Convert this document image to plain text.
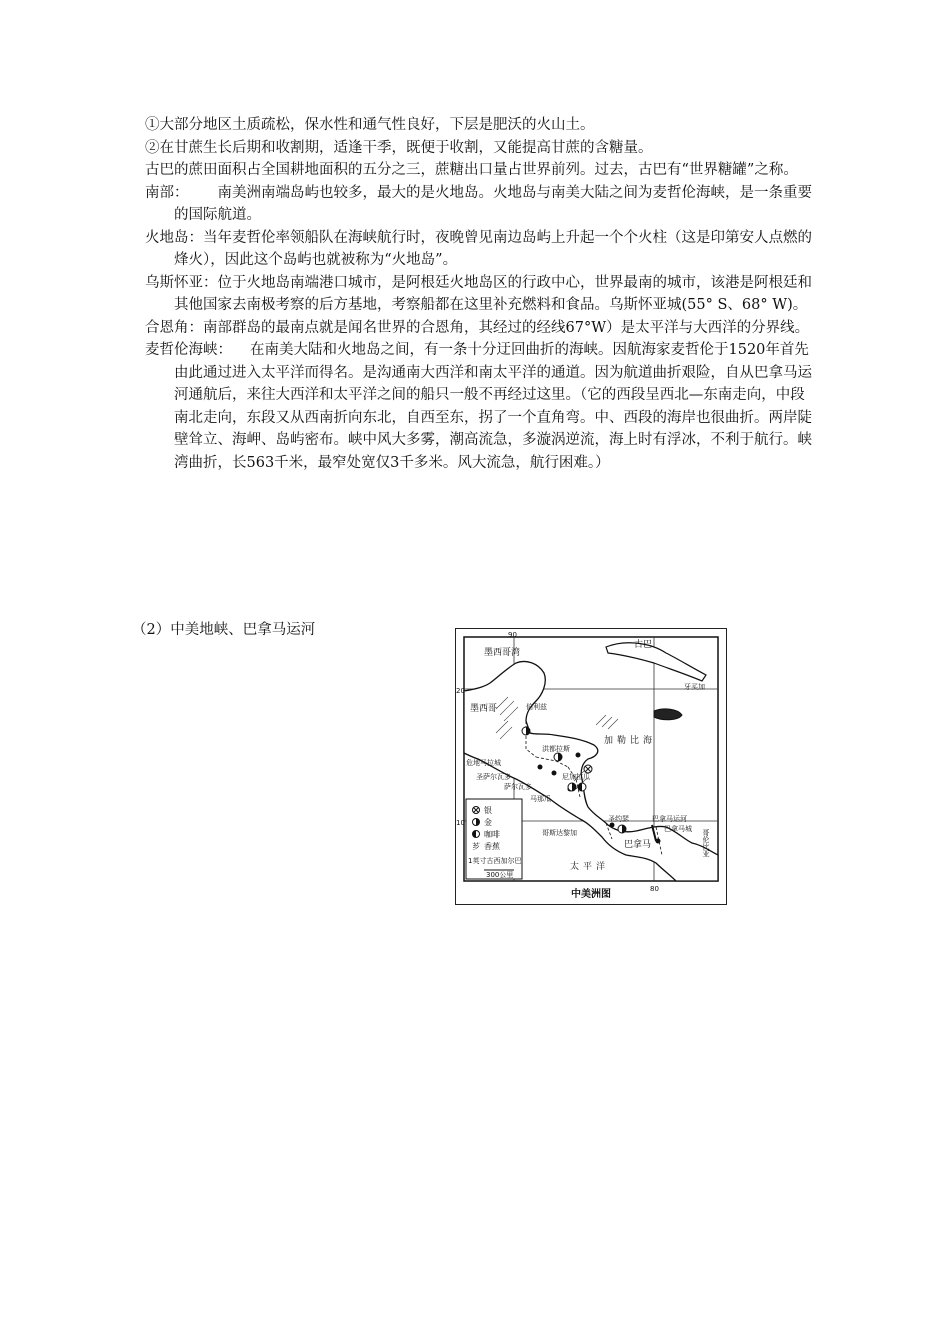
①大部分地区土质疏松，保水性和通气性良好，下层是肥沃的火山土。

②在甘蔗生长后期和收割期，适逢干季，既便于收割，又能提高甘蔗的含糖量。

古巴的蔗田面积占全国耕地面积的五分之三，蔗糖出口量占世界前列。过去，古巴有“世界糖罐”之称。

南部： 南美洲南端岛屿也较多，最大的是火地岛。火地岛与南美大陆之间为麦哲伦海峡，是一条重要的国际航道。

火地岛：当年麦哲伦率领船队在海峡航行时，夜晚曾见南边岛屿上升起一个个火柱（这是印第安人点燃的烽火），因此这个岛屿也就被称为“火地岛”。

乌斯怀亚：位于火地岛南端港口城市，是阿根廷火地岛区的行政中心，世界最南的城市，该港是阿根廷和其他国家去南极考察的后方基地，考察船都在这里补充燃料和食品。乌斯怀亚城(55° S、68° W)。

合恩角：南部群岛的最南点就是闻名世界的合恩角，其经过的经线67°W）是太平洋与大西洋的分界线。

麦哲伦海峡： 在南美大陆和火地岛之间，有一条十分迂回曲折的海峡。因航海家麦哲伦于1520年首先由此通过进入太平洋而得名。是沟通南大西洋和南太平洋的通道。因为航道曲折艰险，自从巴拿马运河通航后，来往大西洋和太平洋之间的船只一般不再经过这里。（它的西段呈西北—东南走向，中段南北走向，东段又从西南折向东北，自西至东，拐了一个直角弯。中、西段的海岸也很曲折。两岸陡壁耸立、海岬、岛屿密布。峡中风大多雾，潮高流急，多漩涡逆流，海上时有浮冰，不利于航行。峡湾曲折，长563千米，最窄处宽仅3千多米。风大流急，航行困难。）

（2）中美地峡、巴拿马运河
芗
墨西哥湾
古巴
加勒比海
墨西哥	伯利兹
洪都拉斯
危地马拉城
圣萨尔瓦多
萨尔瓦多
尼加拉瓜
马那瓜
圣约瑟
哥斯达黎加
巴拿马运河
巴拿马城
巴拿马
牙买加
太平洋
哥伦比亚
90
80
20
10
银
金
咖啡
香蕉
1英寸古西加尔巴
300公里
中美洲图
